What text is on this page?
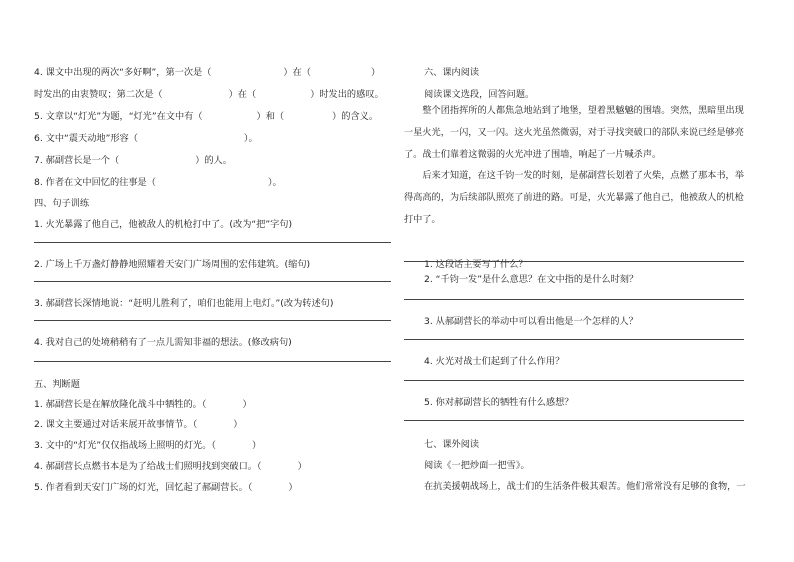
4. 课文中出现的两次“多好啊”，第一次是（	）在（	）
时发出的由衷赞叹；第二次是（	）在（	）时发出的感叹。
5. 文章以“灯光”为题，“灯光”在文中有（	）和（	）的含义。
6. 文中“震天动地”形容（	）。
7. 郝副营长是一个（	）的人。
8. 作者在文中回忆的往事是（	）。
四、句子训练
1. 火光暴露了他自己，他被敌人的机枪打中了。(改为“把”字句)
2. 广场上千万盏灯静静地照耀着天安门广场周围的宏伟建筑。(缩句)
3. 郝副营长深情地说：“赶明儿胜利了，咱们也能用上电灯。”(改为转述句)
4. 我对自己的处境稍稍有了一点儿需知非福的想法。(修改病句)
五、判断题
1. 郝副营长是在解放隆化战斗中牺牲的。（	）
2. 课文主要通过对话来展开故事情节。（	）
3. 文中的“灯光”仅仅指战场上照明的灯光。（	）
4. 郝副营长点燃书本是为了给战士们照明找到突破口。（	）
5. 作者看到天安门广场的灯光，回忆起了郝副营长。（	）
六、课内阅读
阅读课文选段，回答问题。
　　整个团指挥所的人都焦急地站到了地堡，望着黑魆魆的围墙。突然，黑暗里出现
一星火光，一闪，又一闪。这火光虽然微弱，对于寻找突破口的部队来说已经是够亮
了。战士们靠着这微弱的火光冲进了围墙，响起了一片喊杀声。
　　后来才知道，在这千钧一发的时刻，是郝副营长划着了火柴，点燃了那本书，举
得高高的，为后续部队照亮了前进的路。可是，火光暴露了他自己，他被敌人的机枪
打中了。
1. 这段话主要写了什么？
2. “千钧一发”是什么意思？在文中指的是什么时刻？
3. 从郝副营长的举动中可以看出他是一个怎样的人？
4. 火光对战士们起到了什么作用？
5. 你对郝副营长的牺牲有什么感想？
七、课外阅读
阅读《一把炒面一把雪》。
在抗美援朝战场上，战士们的生活条件极其艰苦。他们常常没有足够的食物，一
